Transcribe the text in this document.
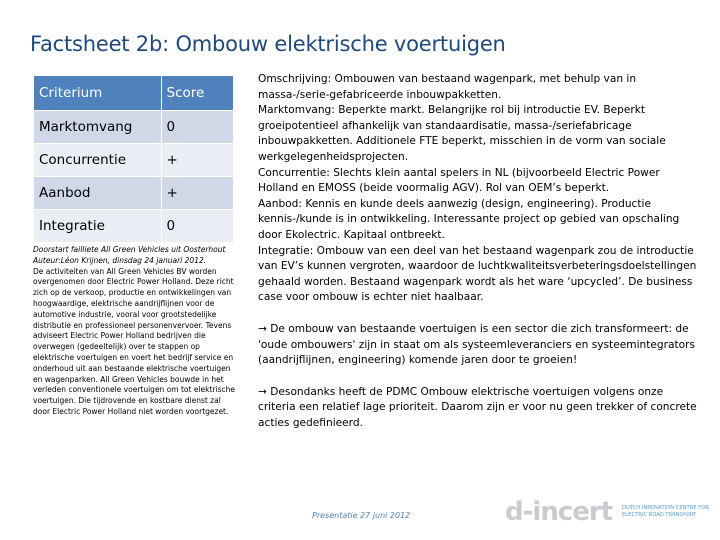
Factsheet 2b: Ombouw elektrische voertuigen
Criterium	Score
Marktomvang	0
Concurrentie	+
Aanbod	+
Integratie	0
Doorstart failliete All Green Vehicles uit Oosterhout Auteur:Léon Krijnen, dinsdag 24 januari 2012.
De activiteiten van All Green Vehicles BV worden overgenomen door Electric Power Holland. Deze richt zich op de verkoop, productie en ontwikkelingen van hoogwaardige, elektrische aandrijflijnen voor de automotive industrie, vooral voor grootstedelijke distributie en professioneel personenvervoer. Tevens adviseert Electric Power Holland bedrijven die overwegen (gedeeltelijk) over te stappen op elektrische voertuigen en voert het bedrijf service en onderhoud uit aan bestaande elektrische voertuigen en wagenparken. All Green Vehicles bouwde in het verleden conventionele voertuigen om tot elektrische voertuigen. Die tijdrovende en kostbare dienst zal door Electric Power Holland niet worden voortgezet.

Omschrijving: Ombouwen van bestaand wagenpark, met behulp van in massa-/serie-gefabriceerde inbouwpakketten.

Marktomvang: Beperkte markt. Belangrijke rol bij introductie EV. Beperkt groeipotentieel afhankelijk van standaardisatie, massa-/seriefabricage inbouwpakketten. Additionele FTE beperkt, misschien in de vorm van sociale werkgelegenheidsprojecten.

Concurrentie: Slechts klein aantal spelers in NL (bijvoorbeeld Electric Power Holland en EMOSS (beide voormalig AGV). Rol van OEM’s beperkt.

Aanbod: Kennis en kunde deels aanwezig (design, engineering). Productie kennis-/kunde is in ontwikkeling. Interessante project op gebied van opschaling door Ekolectric. Kapitaal ontbreekt.

Integratie: Ombouw van een deel van het bestaand wagenpark zou de introductie van EV’s kunnen vergroten, waardoor de luchtkwaliteitsverbeteringsdoelstellingen gehaald worden. Bestaand wagenpark wordt als het ware ‘upcycled’. De business case voor ombouw is echter niet haalbaar.

→ De ombouw van bestaande voertuigen is een sector die zich transformeert: de 'oude ombouwers' zijn in staat om als systeemleveranciers en systeemintegrators (aandrijflijnen, engineering) komende jaren door te groeien!

→ Desondanks heeft de PDMC Ombouw elektrische voertuigen volgens onze criteria een relatief lage prioriteit. Daarom zijn er voor nu geen trekker of concrete acties gedefinieerd.

Presentatie 27 juni 2012	d-incert DUTCH INNOVATION CENTRE FOR ELECTRIC ROAD TRANSPORT
